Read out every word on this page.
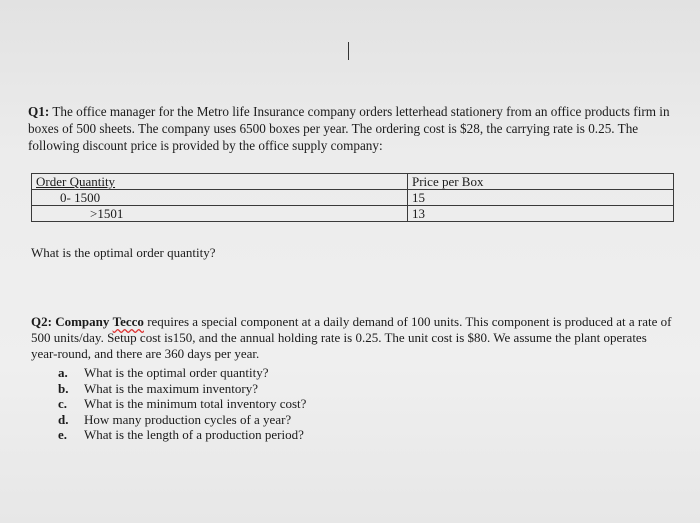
Q1: The office manager for the Metro life Insurance company orders letterhead stationery from an office products firm in boxes of 500 sheets. The company uses 6500 boxes per year. The ordering cost is $28, the carrying rate is 0.25. The following discount price is provided by the office supply company:
Order Quantity	Price per Box
0- 1500	15
>1501	13
What is the optimal order quantity?
Q2: Company Tecco requires a special component at a daily demand of 100 units. This component is produced at a rate of 500 units/day. Setup cost is150, and the annual holding rate is 0.25. The unit cost is $80. We assume the plant operates year-round, and there are 360 days per year.
a.	What is the optimal order quantity?
b.	What is the maximum inventory?
c.	What is the minimum total inventory cost?
d.	How many production cycles of a year?
e.	What is the length of a production period?
